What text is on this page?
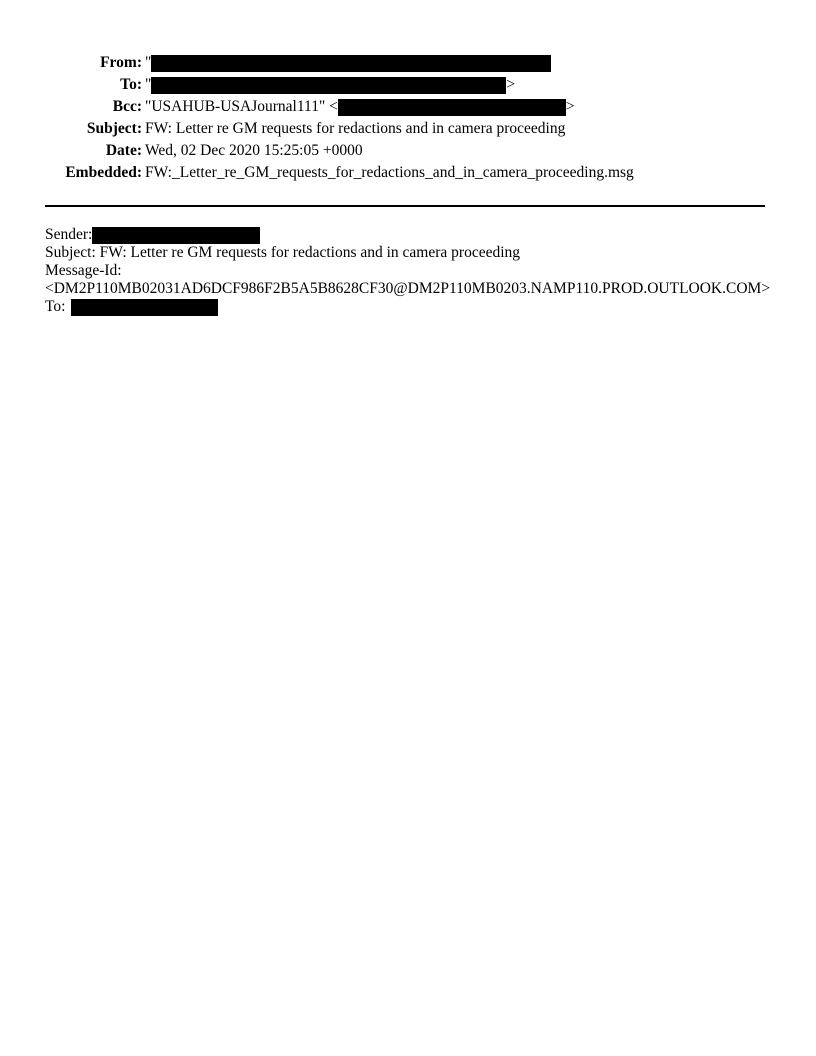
From: "
To: "	>
Bcc: "USAHUB-USAJournal111" <	>
Subject: FW: Letter re GM requests for redactions and in camera proceeding
Date: Wed, 02 Dec 2020 15:25:05 +0000
Embedded: FW:_Letter_re_GM_requests_for_redactions_and_in_camera_proceeding.msg
Sender:
Subject: FW: Letter re GM requests for redactions and in camera proceeding
Message-Id:
<DM2P110MB02031AD6DCF986F2B5A5B8628CF30@DM2P110MB0203.NAMP110.PROD.OUTLOOK.COM>
To:
